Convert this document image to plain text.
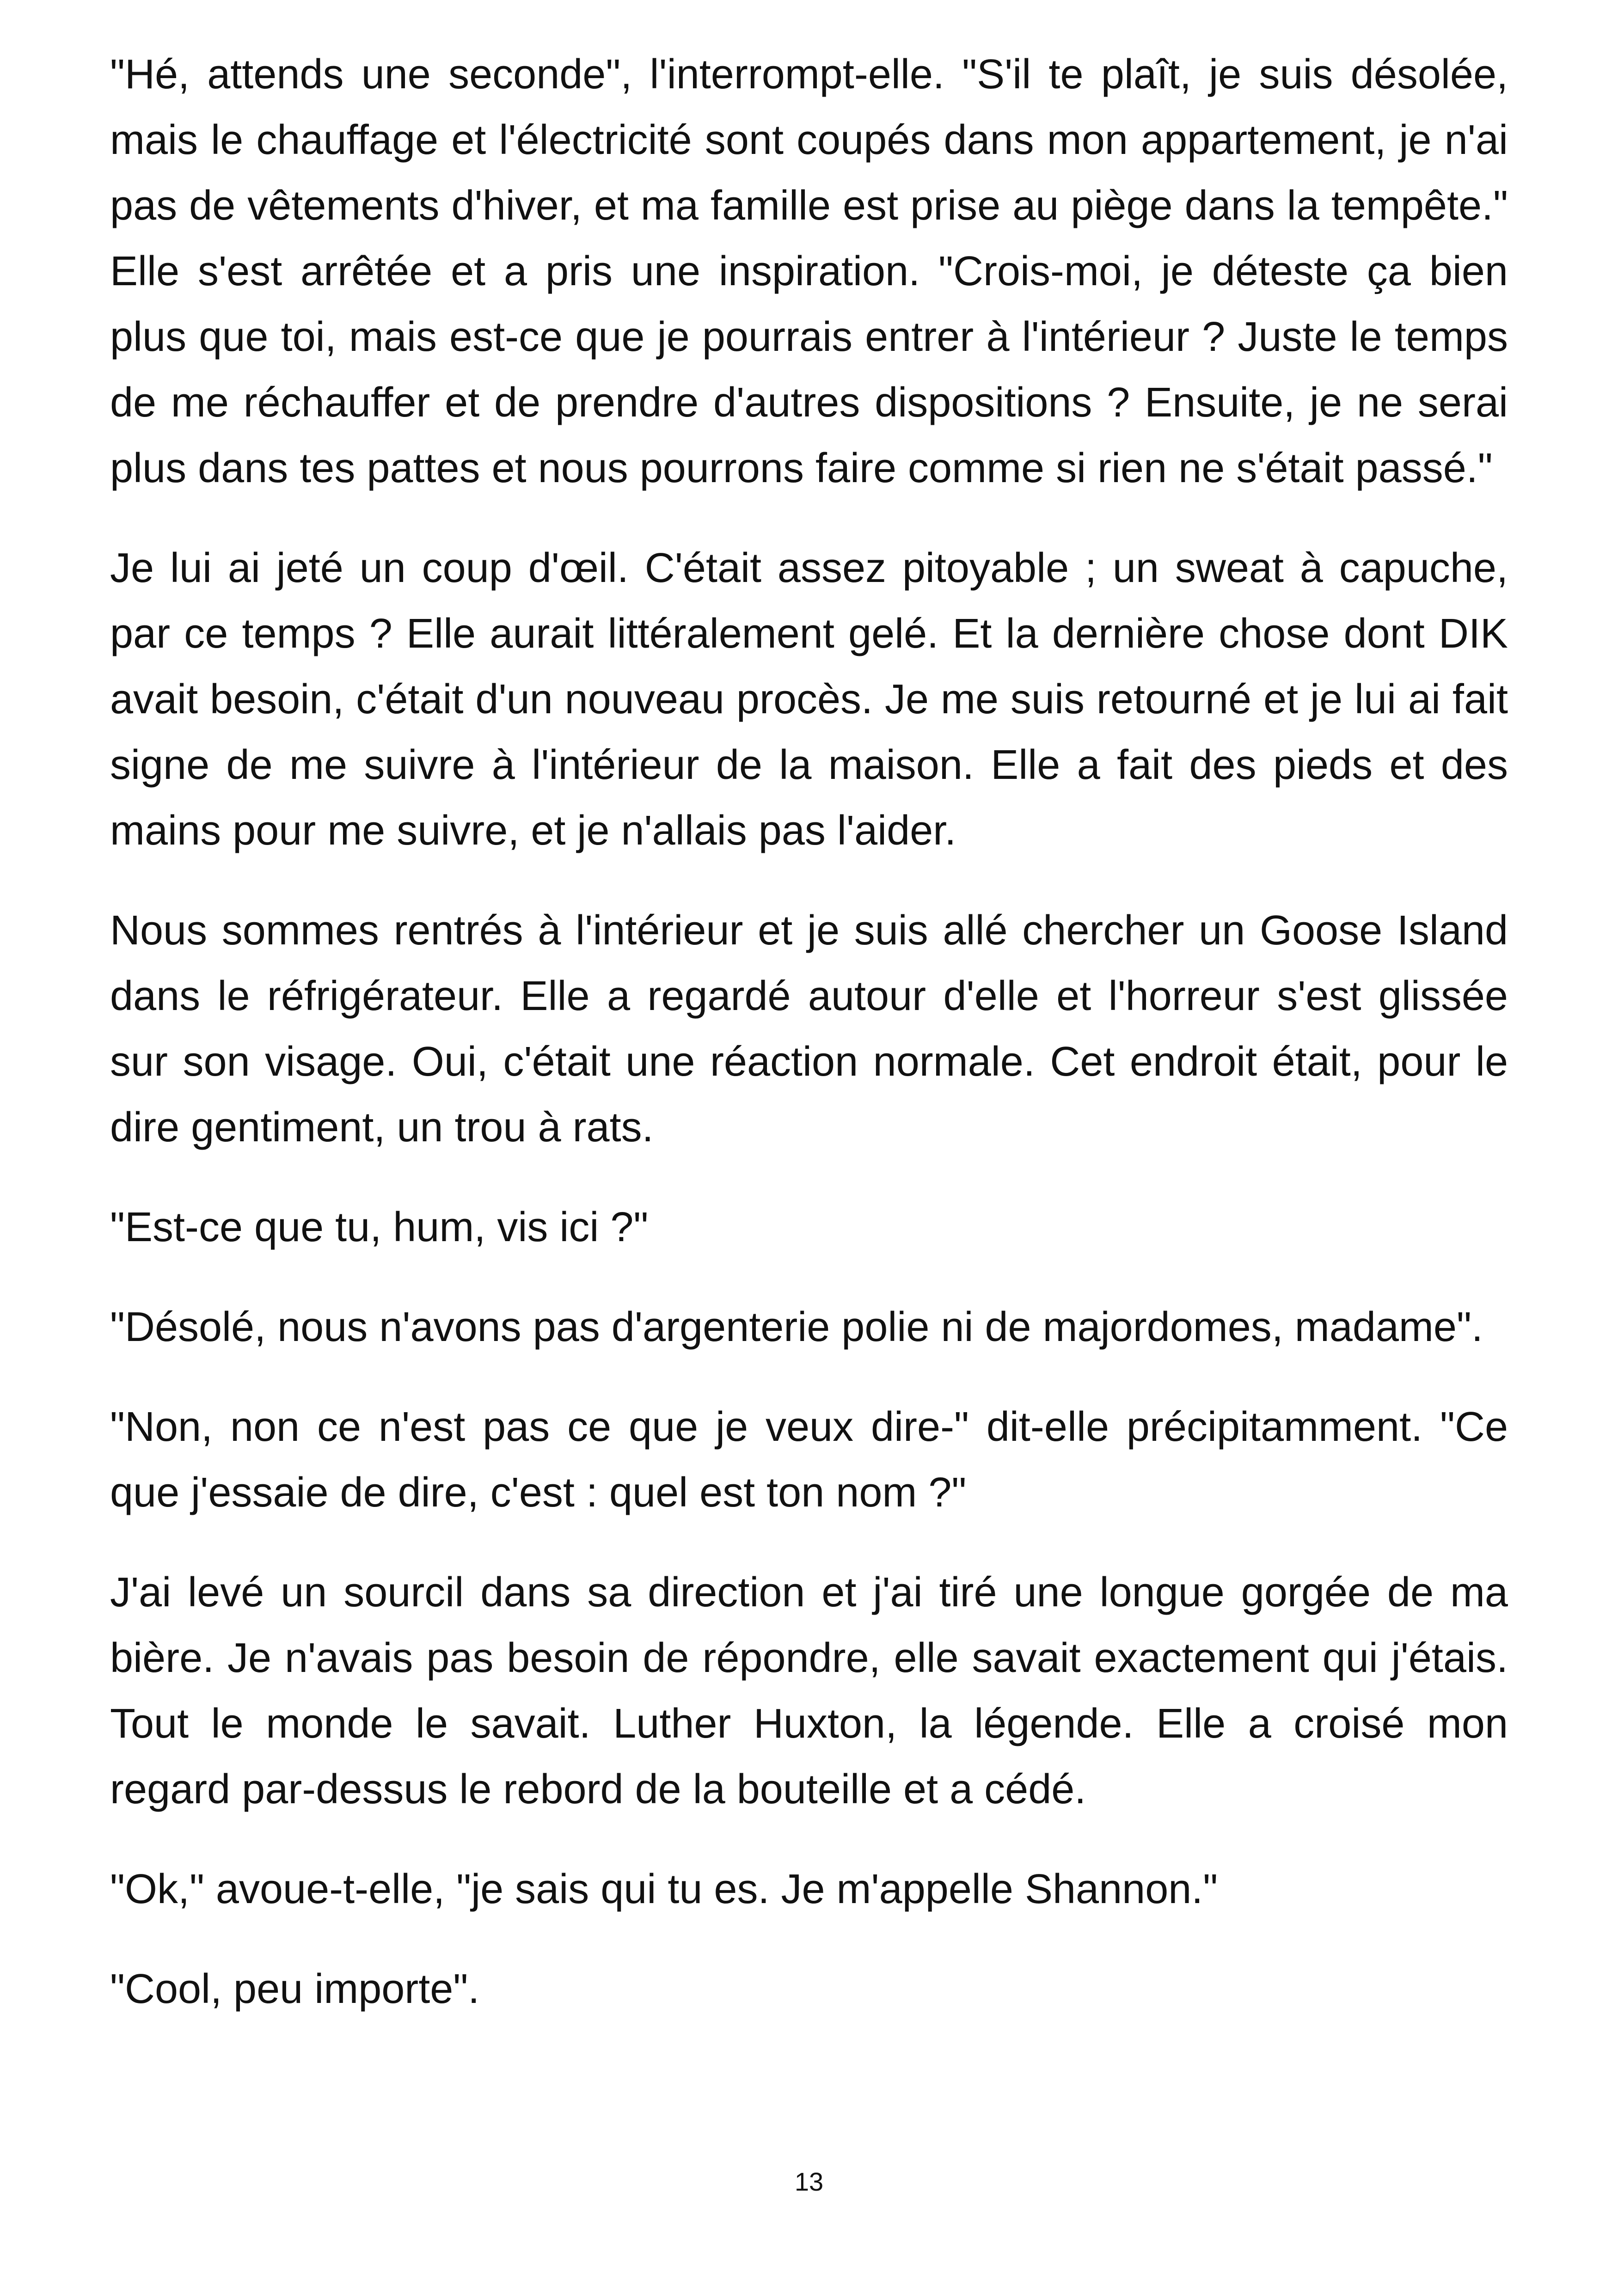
"Hé, attends une seconde", l'interrompt-elle. "S'il te plaît, je suis désolée, mais le chauffage et l'électricité sont coupés dans mon appartement, je n'ai pas de vêtements d'hiver, et ma famille est prise au piège dans la tempête." Elle s'est arrêtée et a pris une inspiration. "Crois-moi, je déteste ça bien plus que toi, mais est-ce que je pourrais entrer à l'intérieur ? Juste le temps de me réchauffer et de prendre d'autres dispositions ? Ensuite, je ne serai plus dans tes pattes et nous pourrons faire comme si rien ne s'était passé."

Je lui ai jeté un coup d'œil. C'était assez pitoyable ; un sweat à capuche, par ce temps ? Elle aurait littéralement gelé. Et la dernière chose dont DIK avait besoin, c'était d'un nouveau procès. Je me suis retourné et je lui ai fait signe de me suivre à l'intérieur de la maison. Elle a fait des pieds et des mains pour me suivre, et je n'allais pas l'aider.

Nous sommes rentrés à l'intérieur et je suis allé chercher un Goose Island dans le réfrigérateur. Elle a regardé autour d'elle et l'horreur s'est glissée sur son visage. Oui, c'était une réaction normale. Cet endroit était, pour le dire gentiment, un trou à rats.

"Est-ce que tu, hum, vis ici ?"

"Désolé, nous n'avons pas d'argenterie polie ni de majordomes, madame".

"Non, non ce n'est pas ce que je veux dire-" dit-elle précipitamment. "Ce que j'essaie de dire, c'est : quel est ton nom ?"

J'ai levé un sourcil dans sa direction et j'ai tiré une longue gorgée de ma bière. Je n'avais pas besoin de répondre, elle savait exactement qui j'étais. Tout le monde le savait. Luther Huxton, la légende. Elle a croisé mon regard par-dessus le rebord de la bouteille et a cédé.

"Ok," avoue-t-elle, "je sais qui tu es. Je m'appelle Shannon."

"Cool, peu importe".

13
